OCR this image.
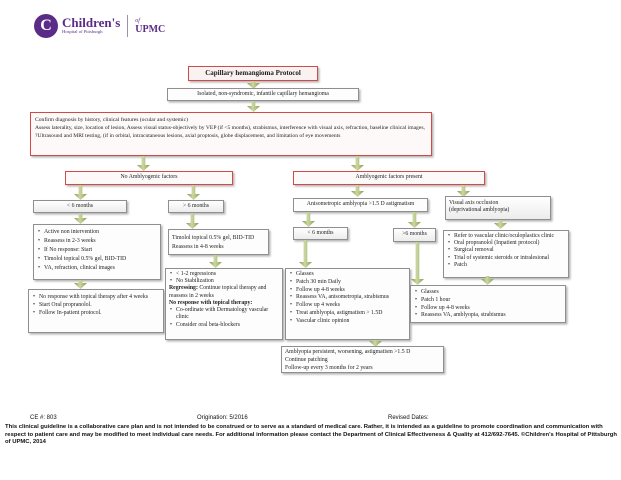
C Children's
Hospital of Pittsburgh
of
UPMC
Capillary hemangioma Protocol
Isolated, non-syndromic, infantile capillary hemangioma
Confirm diagnosis by history, clinical features (ocular and systemic)
Assess laterality, size, location of lesion, Assess visual status-objectively by VEP (if <5 months), strabismus, interference with visual axis, refraction, baseline clinical images, ?Ultrasound and MRI testing, (if in orbital, intracutaneous lesions, axial proptosis, globe displacement, and limitation of eye movements
No Amblyogenic factors	Amblyogenic factors present
< 6 months	> 6 months	Anisometropic amblyopia >1.5 D astigmatism	Visual axis occlusion
(deprivational amblyopia)
• Active non intervention
• Reassess in 2-3 weeks
• If No response: Start
• Timolol topical 0.5% gel, BID-TID
• VA, refraction, clinical images
• No response with topical therapy after 4 weeks
• Start Oral propranolol.
• Follow In-patient protocol.
Timolol topical 0.5% gel, BID-TID
Reassess in 4-8 weeks
• < 1-2 regressions
• No Stabilization
Regressing: Continue topical therapy and reassess in 2 weeks
No response with topical therapy:
• Co-ordinate with Dermatology vascular clinic
• Consider oral beta-blockers
< 6 months	>6 months	• Refer to vascular clinic/oculoplastics clinic
• Oral propranolol (Inpatient protocol)
• Surgical removal
• Trial of systemic steroids or intralesional
• Patch
• Glasses
• Patch 30 min Daily
• Follow up 4-8 weeks
• Reassess VA, anisometropia, strabismus
• Follow up 4 weeks
• Treat amblyopia, astigmatism > 1.5D
• Vascular clinic opinion
• Glasses
• Patch 1 hour
• Follow up 4-8 weeks
• Reassess VA, amblyopia, strabismus
Amblyopia persistent, worsening, astigmatism >1.5 D
Continue patching
Follow-up every 3 months for 2 years
CE #: 803	Origination: 5/2016	Revised Dates:
This clinical guideline is a collaborative care plan and is not intended to be construed or to serve as a standard of medical care. Rather, it is intended as a guideline to promote coordination and communication with respect to patient care and may be modified to meet individual care needs. For additional information please contact the Department of Clinical Effectiveness & Quality at 412/692-7645. ©Children's Hospital of Pittsburgh of UPMC, 2014
